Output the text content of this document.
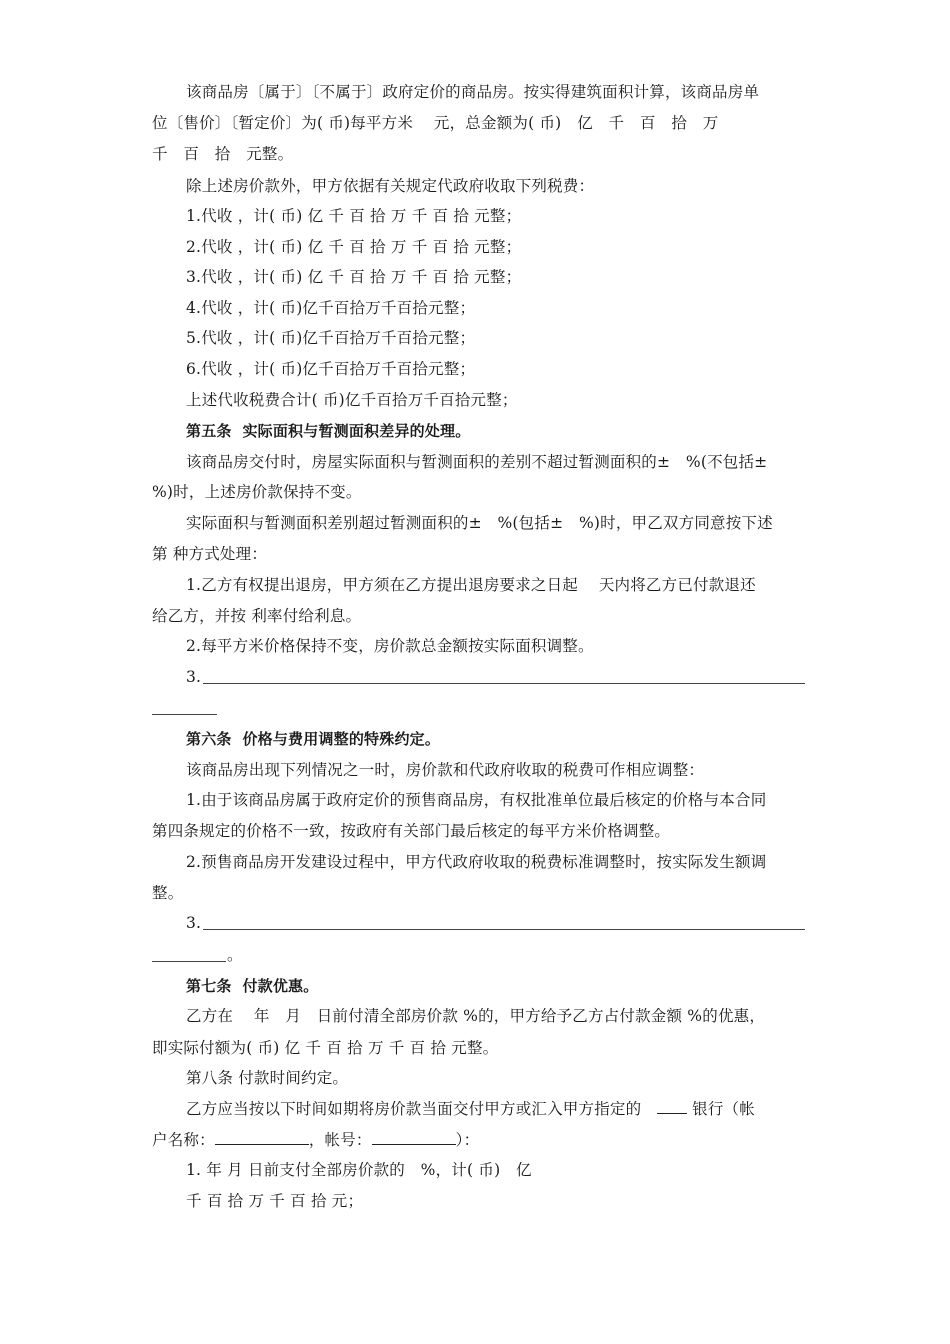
该商品房〔属于〕〔不属于〕政府定价的商品房。按实得建筑面积计算，该商品房单
位〔售价〕〔暂定价〕为( 币)每平方米　 元，总金额为( 币)　亿　千　百　拾　万
千　百　拾　元整。
除上述房价款外，甲方依据有关规定代政府收取下列税费：
1.代收 ，计( 币) 亿 千 百 拾 万 千 百 拾 元整；
2.代收 ，计( 币) 亿 千 百 拾 万 千 百 拾 元整；
3.代收 ，计( 币) 亿 千 百 拾 万 千 百 拾 元整；
4.代收 ，计( 币)亿千百拾万千百拾元整；
5.代收 ，计( 币)亿千百拾万千百拾元整；
6.代收 ，计( 币)亿千百拾万千百拾元整；
上述代收税费合计( 币)亿千百拾万千百拾元整；
第五条  实际面积与暂测面积差异的处理。
该商品房交付时，房屋实际面积与暂测面积的差别不超过暂测面积的±　%(不包括±
%)时，上述房价款保持不变。
实际面积与暂测面积差别超过暂测面积的±　%(包括±　%)时，甲乙双方同意按下述
第 种方式处理：
1.乙方有权提出退房，甲方须在乙方提出退房要求之日起　 天内将乙方已付款退还
给乙方，并按 利率付给利息。
2.每平方米价格保持不变，房价款总金额按实际面积调整。
3.
第六条  价格与费用调整的特殊约定。
该商品房出现下列情况之一时，房价款和代政府收取的税费可作相应调整：
1.由于该商品房属于政府定价的预售商品房，有权批准单位最后核定的价格与本合同
第四条规定的价格不一致，按政府有关部门最后核定的每平方米价格调整。
2.预售商品房开发建设过程中，甲方代政府收取的税费标准调整时，按实际发生额调
整。
3.
。
第七条  付款优惠。
乙方在　 年　月　日前付清全部房价款 %的，甲方给予乙方占付款金额 %的优惠，
即实际付额为( 币) 亿 千 百 拾 万 千 百 拾 元整。
第八条 付款时间约定。
乙方应当按以下时间如期将房价款当面交付甲方或汇入甲方指定的　 银行（帐
户名称：	，帐号：	）：
1. 年 月 日前支付全部房价款的　%，计( 币)　亿
千 百 拾 万 千 百 拾 元；
